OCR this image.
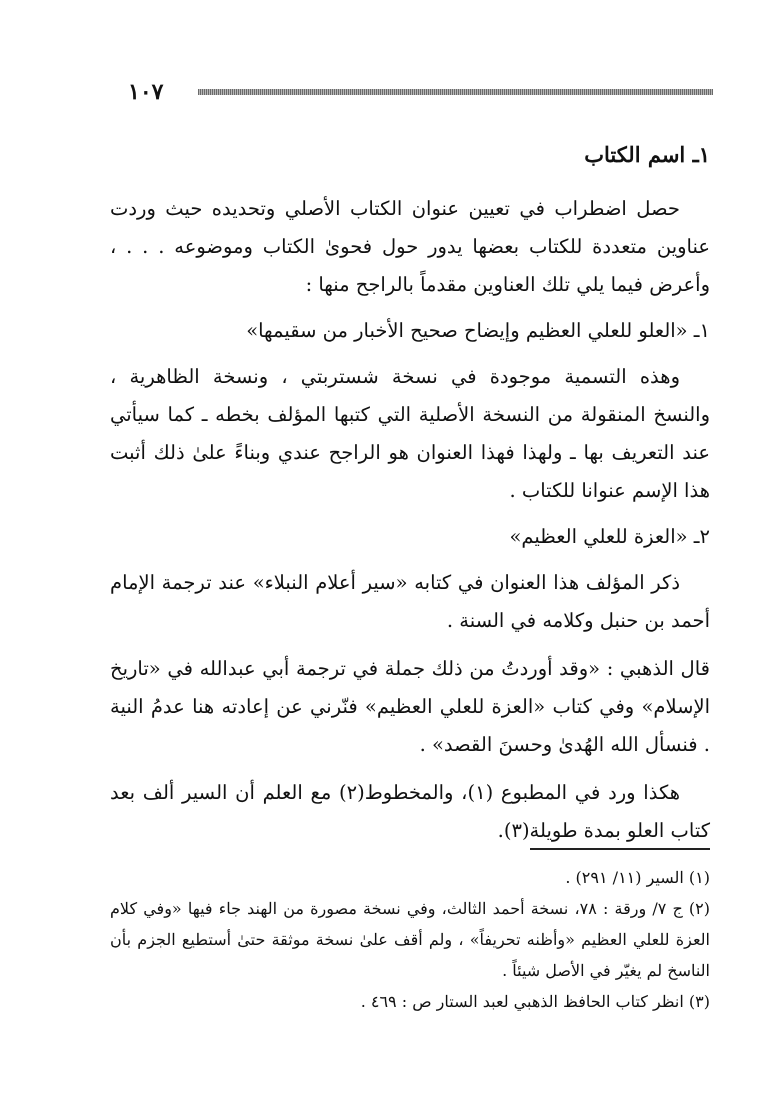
١٠٧
١ـ اسم الكتاب

حصل اضطراب في تعيين عنوان الكتاب الأصلي وتحديده حيث وردت عناوين متعددة للكتاب بعضها يدور حول فحوىٰ الكتاب وموضوعه . . . ، وأعرض فيما يلي تلك العناوين مقدماً بالراجح منها :

١ـ «العلو للعلي العظيم وإيضاح صحيح الأخبار من سقيمها»

وهذه التسمية موجودة في نسخة شستربتي ، ونسخة الظاهرية ، والنسخ المنقولة من النسخة الأصلية التي كتبها المؤلف بخطه ـ كما سيأتي عند التعريف بها ـ ولهذا فهذا العنوان هو الراجح عندي وبناءً علىٰ ذلك أثبت هذا الإسم عنوانا للكتاب .

٢ـ «العزة للعلي العظيم»

ذكر المؤلف هذا العنوان في كتابه «سير أعلام النبلاء» عند ترجمة الإمام أحمد بن حنبل وكلامه في السنة .

قال الذهبي : «وقد أوردتُ من ذلك جملة في ترجمة أبي عبدالله في «تاريخ الإسلام» وفي كتاب «العزة للعلي العظيم» فنّرني عن إعادته هنا عدمُ النية . فنسأل الله الهُدىٰ وحسنَ القصد» .

هكذا ورد في المطبوع (١)، والمخطوط(٢) مع العلم أن السير ألف بعد كتاب العلو بمدة طويلة(٣).

(١) السير (١١/ ٢٩١) .

(٢) ج ٧/ ورقة : ٧٨، نسخة أحمد الثالث، وفي نسخة مصورة من الهند جاء فيها «وفي كلام العزة للعلي العظيم «وأظنه تحريفاً» ، ولم أقف علىٰ نسخة موثقة حتىٰ أستطيع الجزم بأن الناسخ لم يغيّر في الأصل شيئاً .

(٣) انظر كتاب الحافظ الذهبي لعبد الستار ص : ٤٦٩ .
